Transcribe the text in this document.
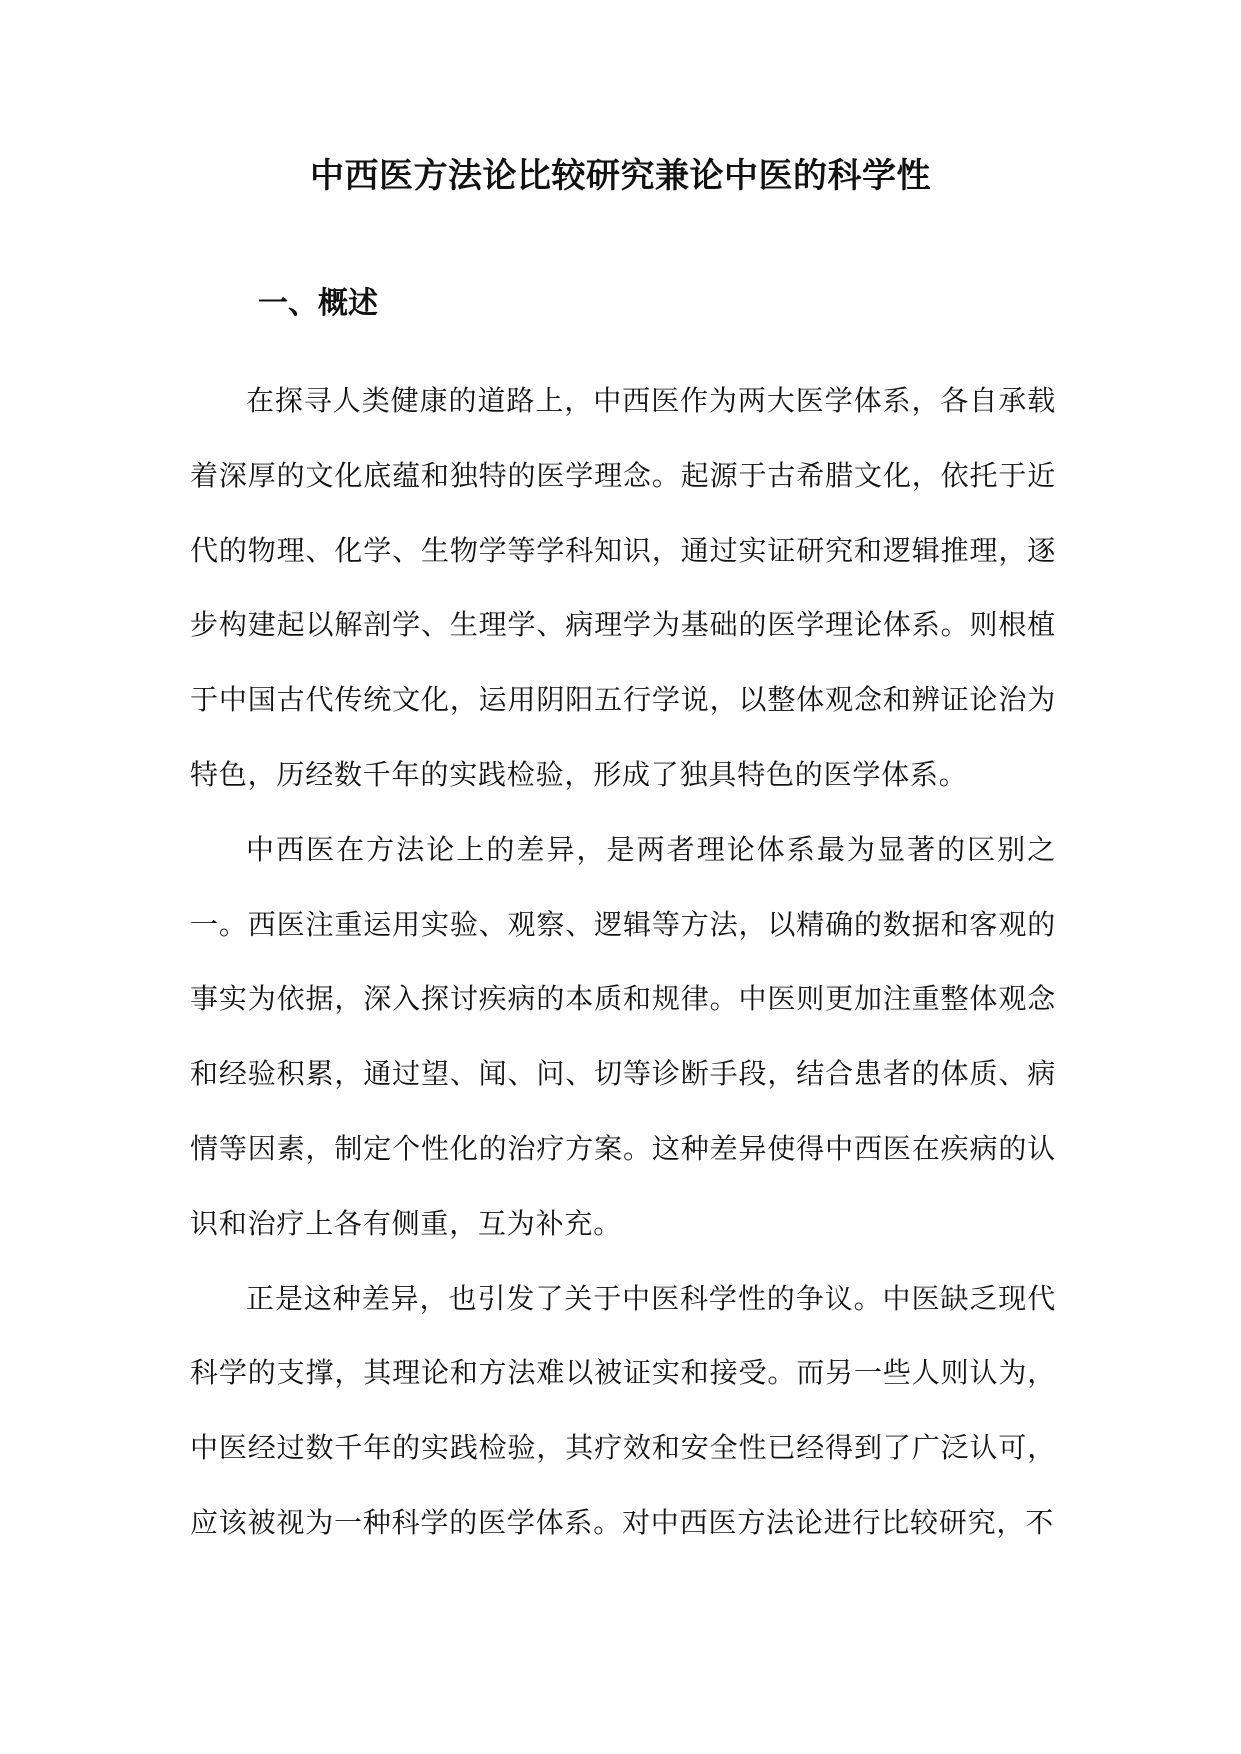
中西医方法论比较研究兼论中医的科学性
一、概述

在探寻人类健康的道路上，中西医作为两大医学体系，各自承载着深厚的文化底蕴和独特的医学理念。起源于古希腊文化，依托于近代的物理、化学、生物学等学科知识，通过实证研究和逻辑推理，逐步构建起以解剖学、生理学、病理学为基础的医学理论体系。则根植于中国古代传统文化，运用阴阳五行学说，以整体观念和辨证论治为特色，历经数千年的实践检验，形成了独具特色的医学体系。

中西医在方法论上的差异，是两者理论体系最为显著的区别之一。西医注重运用实验、观察、逻辑等方法，以精确的数据和客观的事实为依据，深入探讨疾病的本质和规律。中医则更加注重整体观念和经验积累，通过望、闻、问、切等诊断手段，结合患者的体质、病情等因素，制定个性化的治疗方案。这种差异使得中西医在疾病的认识和治疗上各有侧重，互为补充。

正是这种差异，也引发了关于中医科学性的争议。中医缺乏现代科学的支撑，其理论和方法难以被证实和接受。而另一些人则认为，中医经过数千年的实践检验，其疗效和安全性已经得到了广泛认可，应该被视为一种科学的医学体系。对中西医方法论进行比较研究，不
